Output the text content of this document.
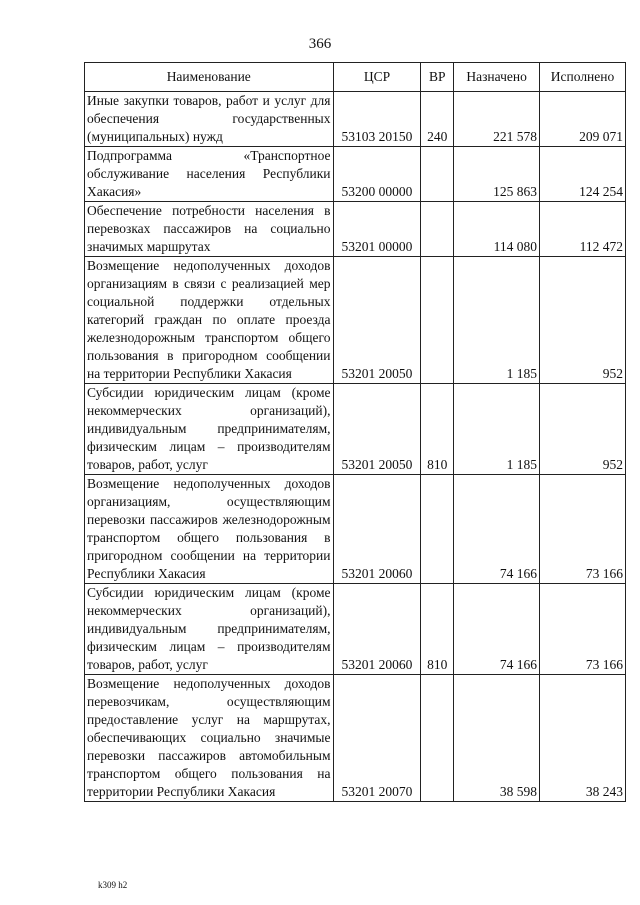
366
Наименование	ЦСР	ВР	Назначено	Исполнено
Иные закупки товаров, работ и услуг для обеспечения государственных (муниципальных) нужд	53103 20150	240	221 578	209 071
Подпрограмма «Транспортное обслуживание населения Республики Хакасия»	53200 00000		125 863	124 254
Обеспечение потребности населения в перевозках пассажиров на социально значимых маршрутах	53201 00000		114 080	112 472
Возмещение недополученных доходов организациям в связи с реализацией мер социальной поддержки отдельных категорий граждан по оплате проезда железнодорожным транспортом общего пользования в пригородном сообщении на территории Республики Хакасия	53201 20050		1 185	952
Субсидии юридическим лицам (кроме некоммерческих организаций), индивидуальным предпринимателям, физическим лицам – производителям товаров, работ, услуг	53201 20050	810	1 185	952
Возмещение недополученных доходов организациям, осуществляющим перевозки пассажиров железнодорожным транспортом общего пользования в пригородном сообщении на территории Республики Хакасия	53201 20060		74 166	73 166
Субсидии юридическим лицам (кроме некоммерческих организаций), индивидуальным предпринимателям, физическим лицам – производителям товаров, работ, услуг	53201 20060	810	74 166	73 166
Возмещение недополученных доходов перевозчикам, осуществляющим предоставление услуг на маршрутах, обеспечивающих социально значимые перевозки пассажиров автомобильным транспортом общего пользования на территории Республики Хакасия	53201 20070		38 598	38 243
k309 h2
